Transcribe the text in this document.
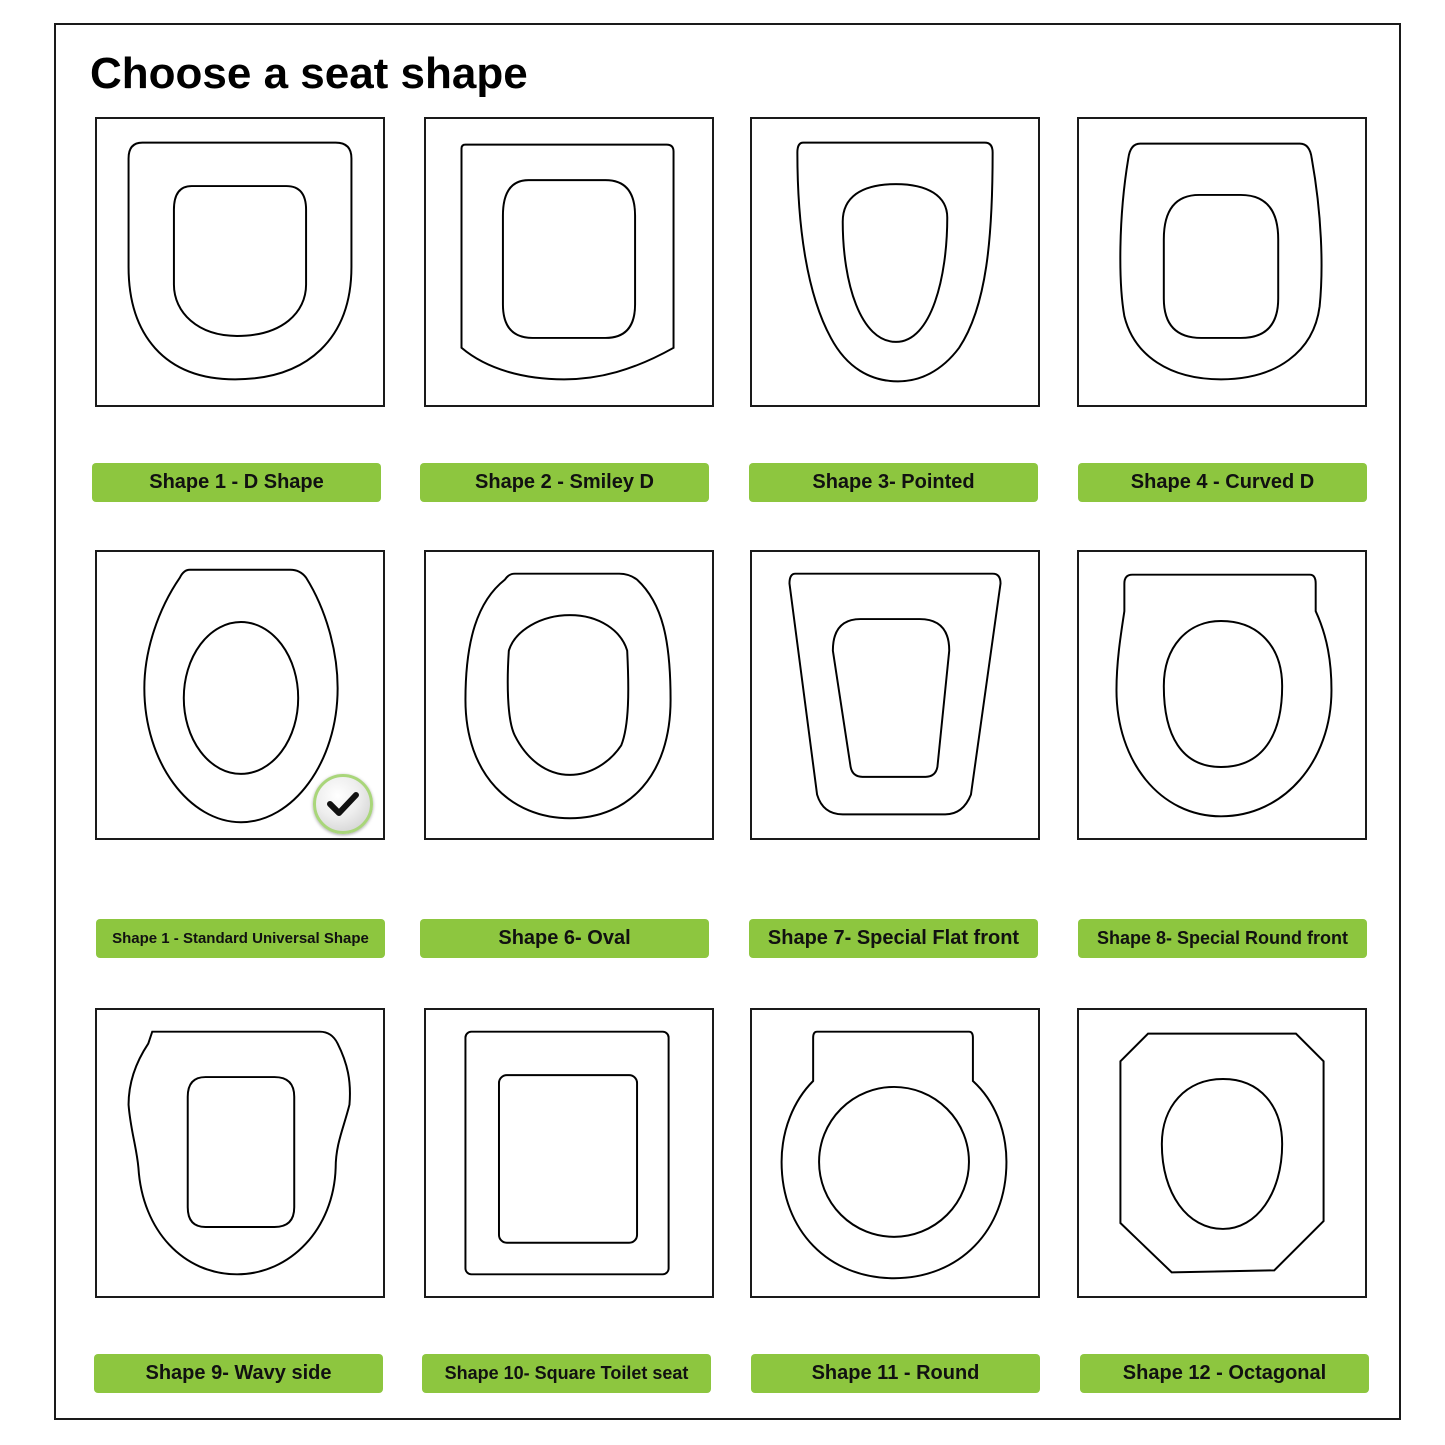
Choose a seat shape
Shape 1 - D Shape	Shape 2 - Smiley D	Shape 3- Pointed	Shape 4 - Curved D
Shape 1 - Standard Universal Shape	Shape 6- Oval	Shape 7- Special Flat front	Shape 8- Special Round front
Shape 9- Wavy side	Shape 10- Square Toilet seat	Shape 11 - Round	Shape 12 - Octagonal
